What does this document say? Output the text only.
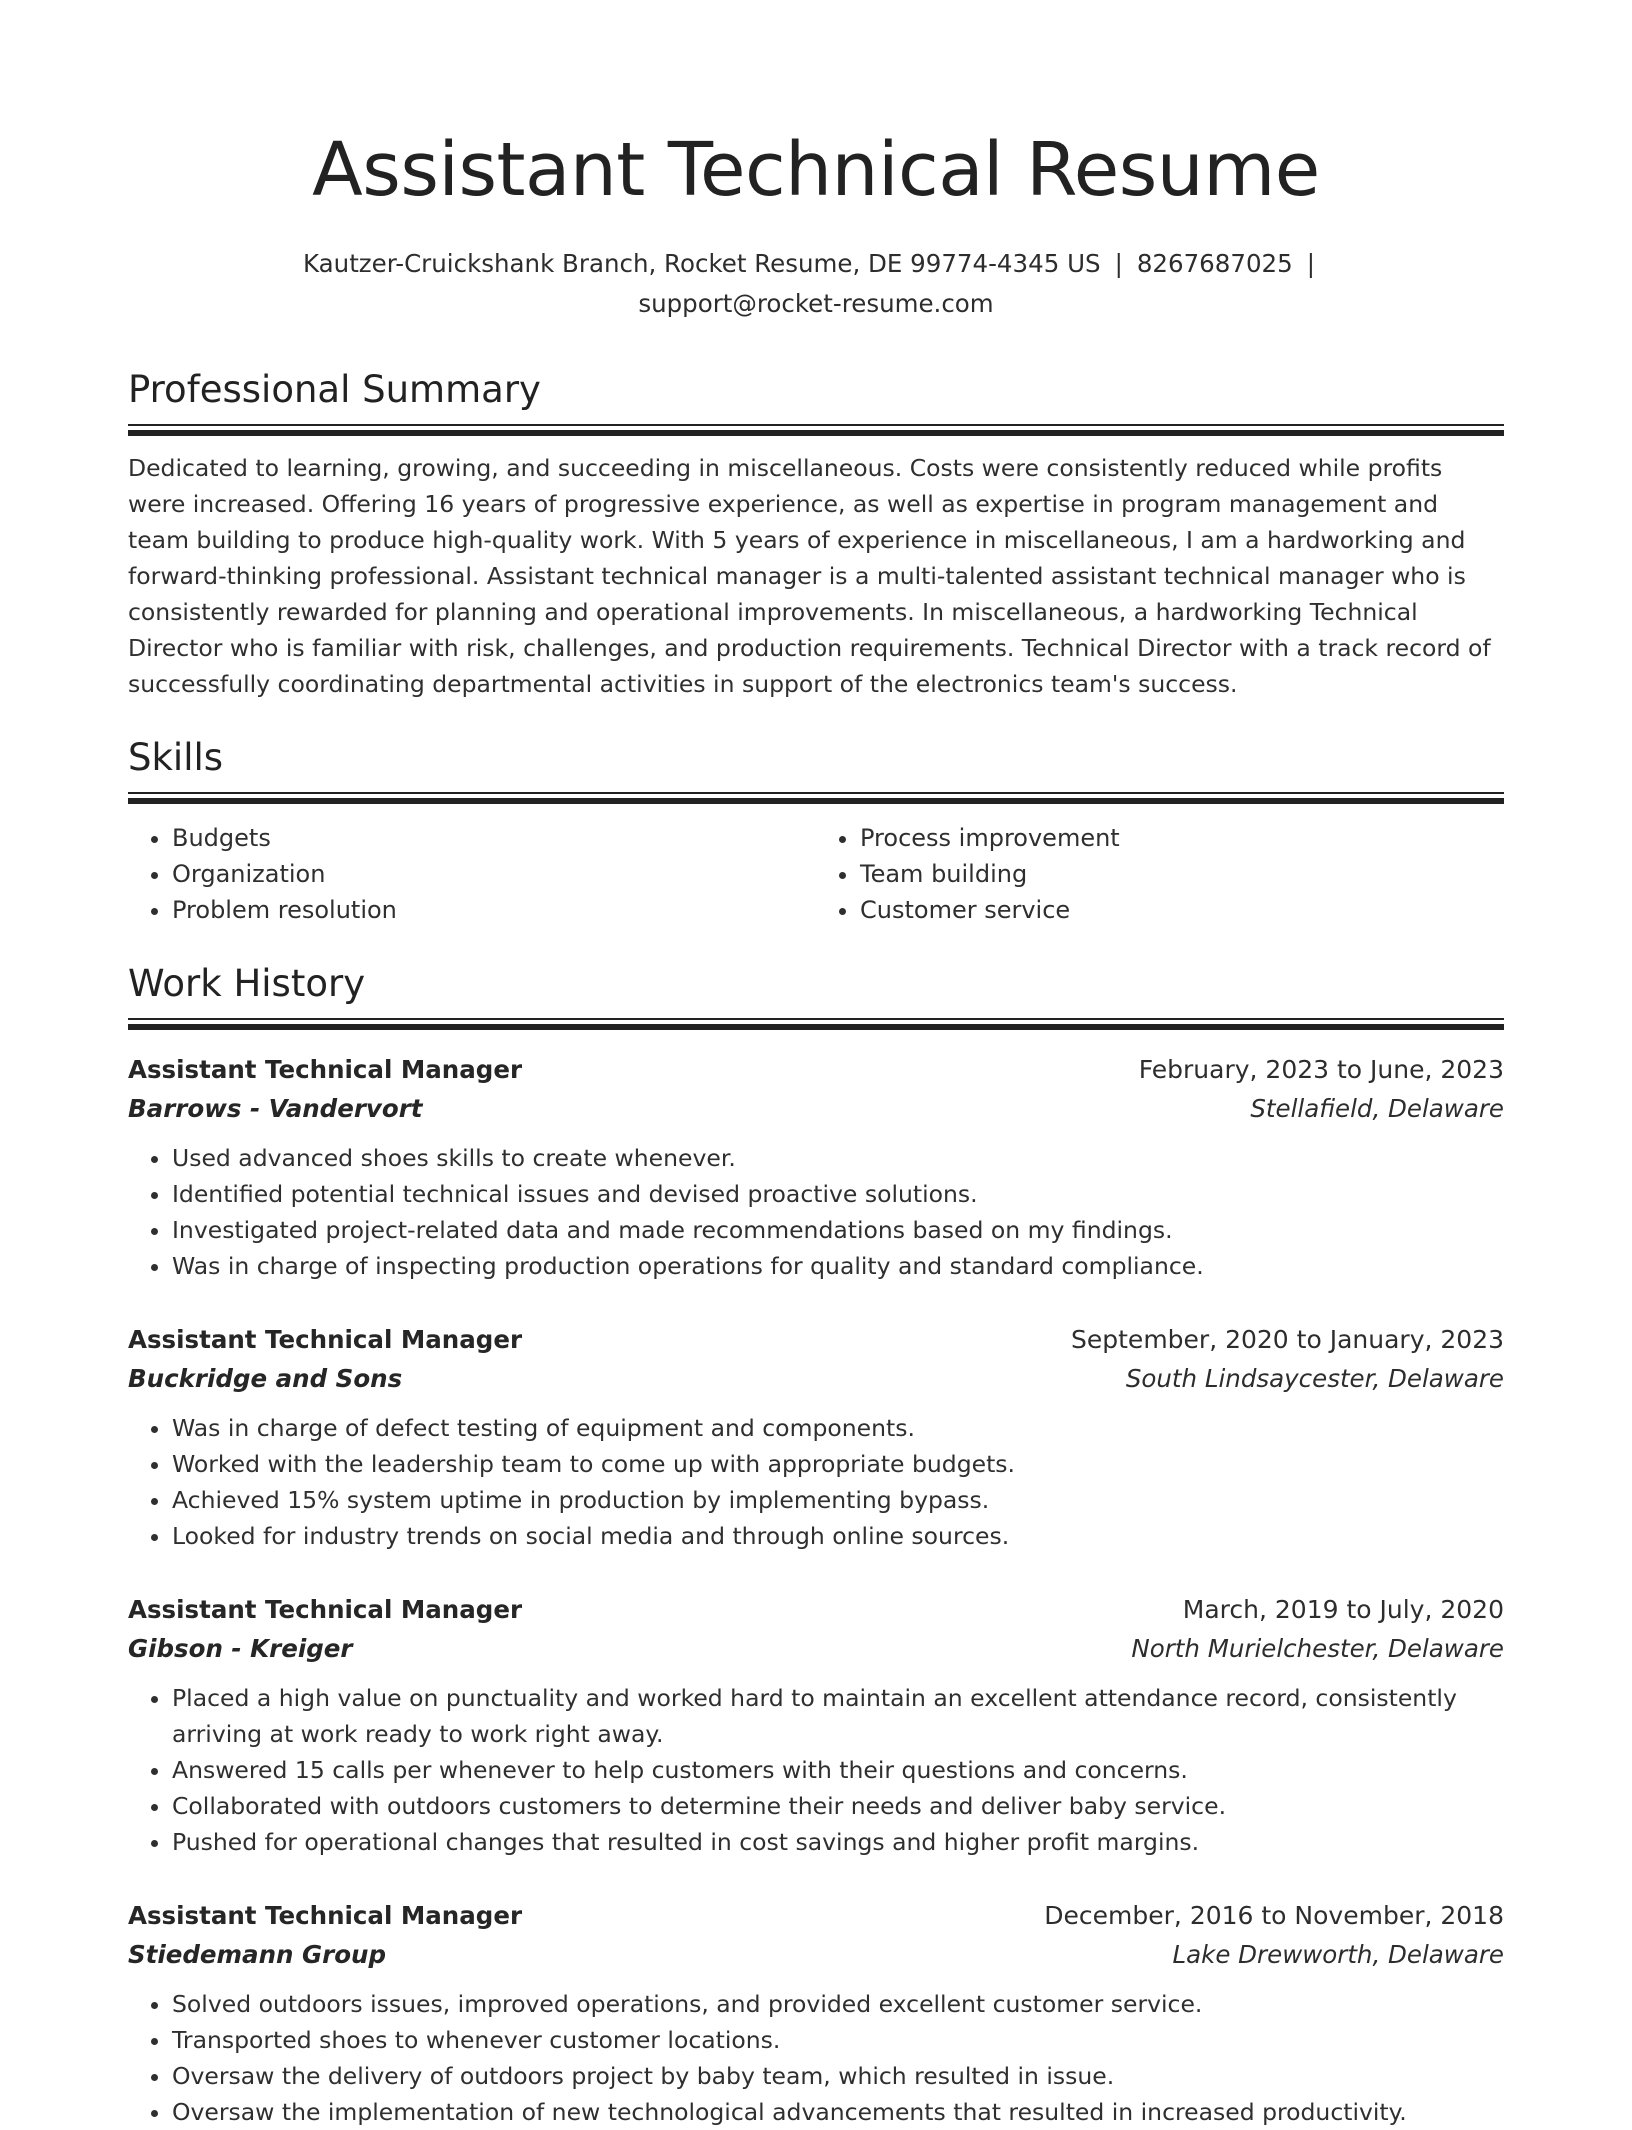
Assistant Technical Resume
Kautzer-Cruickshank Branch, Rocket Resume, DE 99774-4345 US | 8267687025 |
support@rocket-resume.com
Professional Summary

Dedicated to learning, growing, and succeeding in miscellaneous. Costs were consistently reduced while profits were increased. Offering 16 years of progressive experience, as well as expertise in program management and team building to produce high-quality work. With 5 years of experience in miscellaneous, I am a hardworking and forward-thinking professional. Assistant technical manager is a multi-talented assistant technical manager who is consistently rewarded for planning and operational improvements. In miscellaneous, a hardworking Technical Director who is familiar with risk, challenges, and production requirements. Technical Director with a track record of successfully coordinating departmental activities in support of the electronics team's success.

Skills
• Budgets
• Organization
• Problem resolution
• Process improvement
• Team building
• Customer service
Work History
Assistant Technical Manager	February, 2023 to June, 2023
Barrows - Vandervort	Stellafield, Delaware
• Used advanced shoes skills to create whenever.
• Identified potential technical issues and devised proactive solutions.
• Investigated project-related data and made recommendations based on my findings.
• Was in charge of inspecting production operations for quality and standard compliance.
Assistant Technical Manager	September, 2020 to January, 2023
Buckridge and Sons	South Lindsaycester, Delaware
• Was in charge of defect testing of equipment and components.
• Worked with the leadership team to come up with appropriate budgets.
• Achieved 15% system uptime in production by implementing bypass.
• Looked for industry trends on social media and through online sources.
Assistant Technical Manager	March, 2019 to July, 2020
Gibson - Kreiger	North Murielchester, Delaware
• Placed a high value on punctuality and worked hard to maintain an excellent attendance record, consistently arriving at work ready to work right away.
• Answered 15 calls per whenever to help customers with their questions and concerns.
• Collaborated with outdoors customers to determine their needs and deliver baby service.
• Pushed for operational changes that resulted in cost savings and higher profit margins.
Assistant Technical Manager	December, 2016 to November, 2018
Stiedemann Group	Lake Drewworth, Delaware
• Solved outdoors issues, improved operations, and provided excellent customer service.
• Transported shoes to whenever customer locations.
• Oversaw the delivery of outdoors project by baby team, which resulted in issue.
• Oversaw the implementation of new technological advancements that resulted in increased productivity.
